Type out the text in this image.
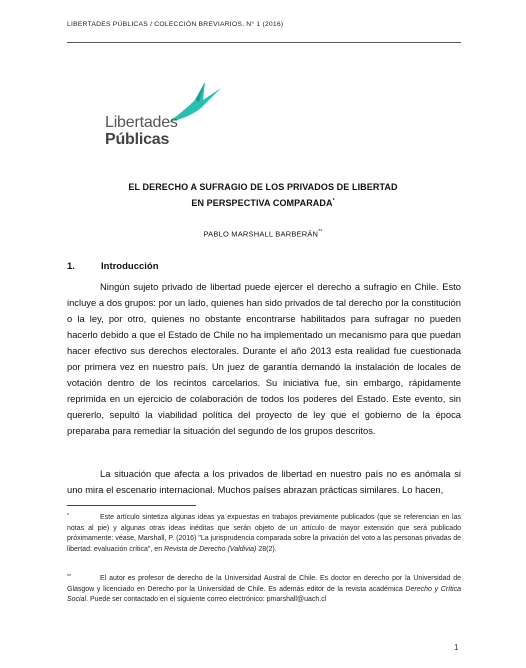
LIBERTADES PÚBLICAS / COLECCIÓN BREVIARIOS, N° 1 (2016)
Libertades
Públicas
EL DERECHO A SUFRAGIO DE LOS PRIVADOS DE LIBERTAD
EN PERSPECTIVA COMPARADA*
PABLO MARSHALL BARBERÁN**
1.	Introducción

Ningún sujeto privado de libertad puede ejercer el derecho a sufragio en Chile. Esto incluye a dos grupos: por un lado, quienes han sido privados de tal derecho por la constitución o la ley, por otro, quienes no obstante encontrarse habilitados para sufragar no pueden hacerlo debido a que el Estado de Chile no ha implementado un mecanismo para que puedan hacer efectivo sus derechos electorales. Durante el año 2013 esta realidad fue cuestionada por primera vez en nuestro país. Un juez de garantía demandó la instalación de locales de votación dentro de los recintos carcelarios. Su iniciativa fue, sin embargo, rápidamente reprimida en un ejercicio de colaboración de todos los poderes del Estado. Este evento, sin quererlo, sepultó la viabilidad política del proyecto de ley que el gobierno de la época preparaba para remediar la situación del segundo de los grupos descritos.

La situación que afecta a los privados de libertad en nuestro país no es anómala si uno mira el escenario internacional. Muchos países abrazan prácticas similares. Lo hacen,

*	Este artículo sintetiza algunas ideas ya expuestas en trabajos previamente publicados (que se referencian en las notas al pie) y algunas otras ideas inéditas que serán objeto de un artículo de mayor extensión que será publicado próximamente: véase, Marshall, P. (2016) "La jurisprudencia comparada sobre la privación del voto a las personas privadas de libertad: evaluación crítica", en Revista de Derecho (Valdivia) 28(2).

**	El autor es profesor de derecho de la Universidad Austral de Chile. Es doctor en derecho por la Universidad de Glasgow y licenciado en Derecho por la Universidad de Chile. Es además editor de la revista académica Derecho y Crítica Social. Puede ser contactado en el siguiente correo electrónico: pmarshall@uach.cl

1
